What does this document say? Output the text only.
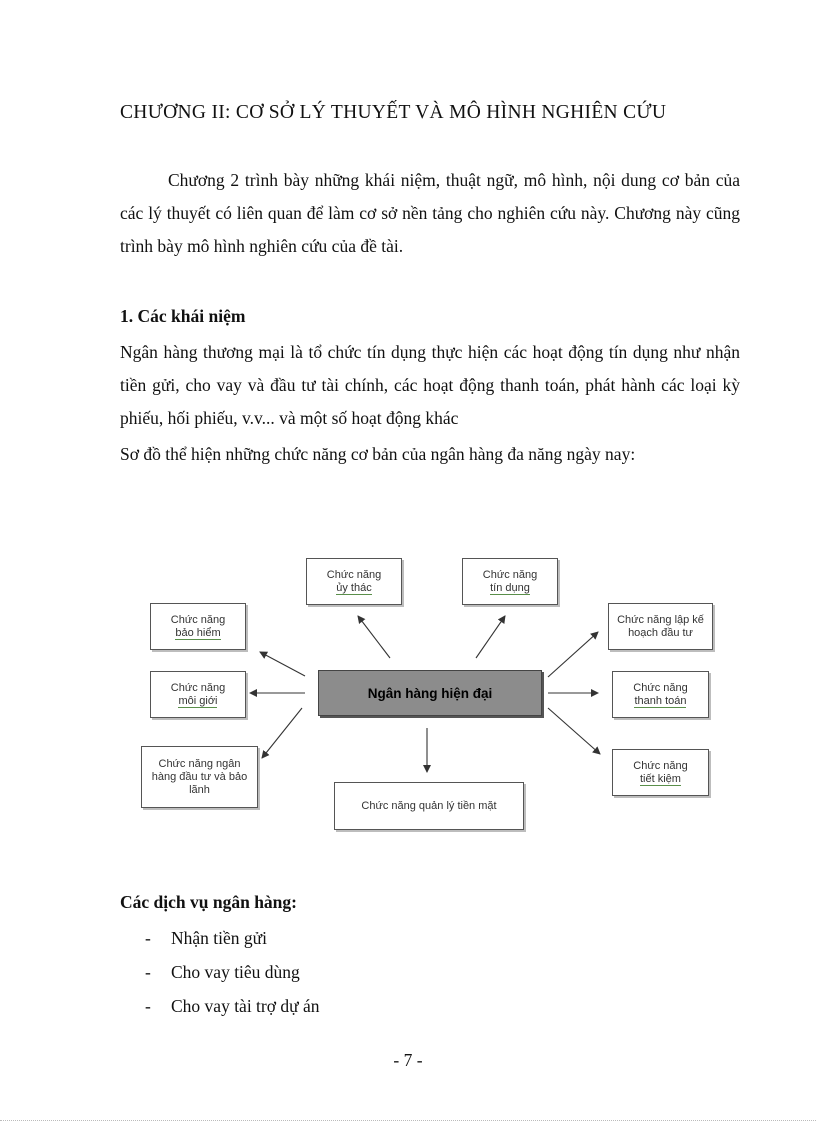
CHƯƠNG II: CƠ SỞ LÝ THUYẾT VÀ MÔ HÌNH NGHIÊN CỨU

Chương 2 trình bày những khái niệm, thuật ngữ, mô hình, nội dung cơ bản của các lý thuyết có liên quan để làm cơ sở nền tảng cho nghiên cứu này. Chương này cũng trình bày mô hình nghiên cứu của đề tài.

1. Các khái niệm

Ngân hàng thương mại là tổ chức tín dụng thực hiện các hoạt động tín dụng như nhận tiền gửi, cho vay và đầu tư tài chính, các hoạt động thanh toán, phát hành các loại kỳ phiếu, hối phiếu, v.v... và một số hoạt động khác

Sơ đồ thể hiện những chức năng cơ bản của ngân hàng đa năng ngày nay:

Chức năng
ủy thác
Chức năng
tín dụng
Chức năng
bảo hiểm
Chức năng
môi giới
Chức năng ngân hàng đầu tư và bảo lãnh
Ngân hàng hiện đại
Chức năng quản lý tiền mặt
Chức năng lập kế hoạch đầu tư
Chức năng
thanh toán
Chức năng
tiết kiệm
Các dịch vụ ngân hàng:
- Nhận tiền gửi
- Cho vay tiêu dùng
- Cho vay tài trợ dự án
- 7 -
